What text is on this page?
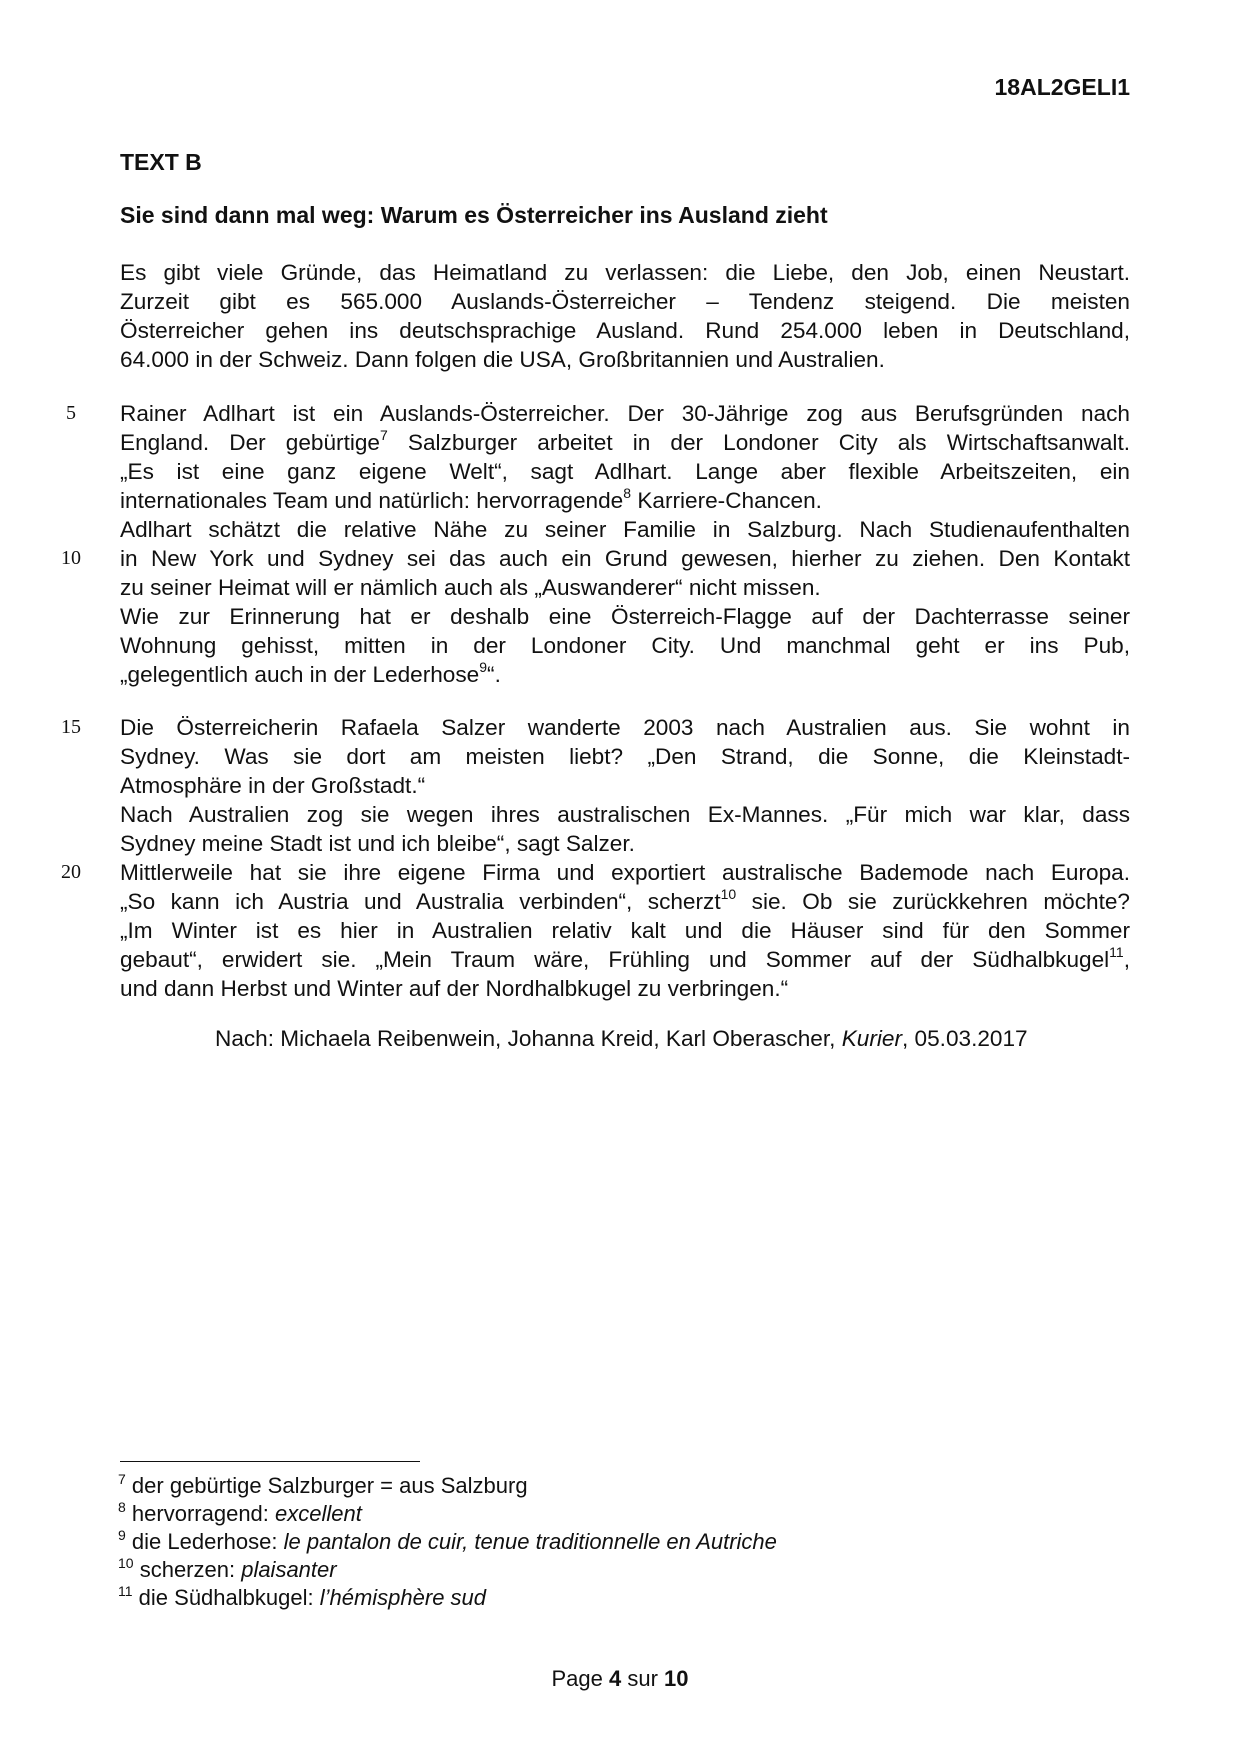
18AL2GELI1
TEXT B
Sie sind dann mal weg: Warum es Österreicher ins Ausland zieht
Es gibt viele Gründe, das Heimatland zu verlassen: die Liebe, den Job, einen Neustart.
Zurzeit gibt es 565.000 Auslands-Österreicher – Tendenz steigend. Die meisten
Österreicher gehen ins deutschsprachige Ausland. Rund 254.000 leben in Deutschland,
64.000 in der Schweiz. Dann folgen die USA, Großbritannien und Australien.
5
10
15
20
Rainer Adlhart ist ein Auslands-Österreicher. Der 30-Jährige zog aus Berufsgründen nach
England. Der gebürtige$^7$ Salzburger arbeitet in der Londoner City als Wirtschaftsanwalt.
„Es ist eine ganz eigene Welt“, sagt Adlhart. Lange aber flexible Arbeitszeiten, ein
internationales Team und natürlich: hervorragende$^8$ Karriere-Chancen.
Adlhart schätzt die relative Nähe zu seiner Familie in Salzburg. Nach Studienaufenthalten
in New York und Sydney sei das auch ein Grund gewesen, hierher zu ziehen. Den Kontakt
zu seiner Heimat will er nämlich auch als „Auswanderer“ nicht missen.
Wie zur Erinnerung hat er deshalb eine Österreich-Flagge auf der Dachterrasse seiner
Wohnung gehisst, mitten in der Londoner City. Und manchmal geht er ins Pub,
„gelegentlich auch in der Lederhose$^9$“.
Die Österreicherin Rafaela Salzer wanderte 2003 nach Australien aus. Sie wohnt in
Sydney. Was sie dort am meisten liebt? „Den Strand, die Sonne, die Kleinstadt-
Atmosphäre in der Großstadt.“
Nach Australien zog sie wegen ihres australischen Ex-Mannes. „Für mich war klar, dass
Sydney meine Stadt ist und ich bleibe“, sagt Salzer.
Mittlerweile hat sie ihre eigene Firma und exportiert australische Bademode nach Europa.
„So kann ich Austria und Australia verbinden“, scherzt$^{10}$ sie. Ob sie zurückkehren möchte?
„Im Winter ist es hier in Australien relativ kalt und die Häuser sind für den Sommer
gebaut“, erwidert sie. „Mein Traum wäre, Frühling und Sommer auf der Südhalbkugel$^{11}$,
und dann Herbst und Winter auf der Nordhalbkugel zu verbringen.“
Nach: Michaela Reibenwein, Johanna Kreid, Karl Oberascher, Kurier, 05.03.2017
$^7$ der gebürtige Salzburger = aus Salzburg
$^8$ hervorragend: excellent
$^9$ die Lederhose: le pantalon de cuir, tenue traditionnelle en Autriche
$^{10}$ scherzen: plaisanter
$^{11}$ die Südhalbkugel: l’hémisphère sud
Page 4 sur 10
